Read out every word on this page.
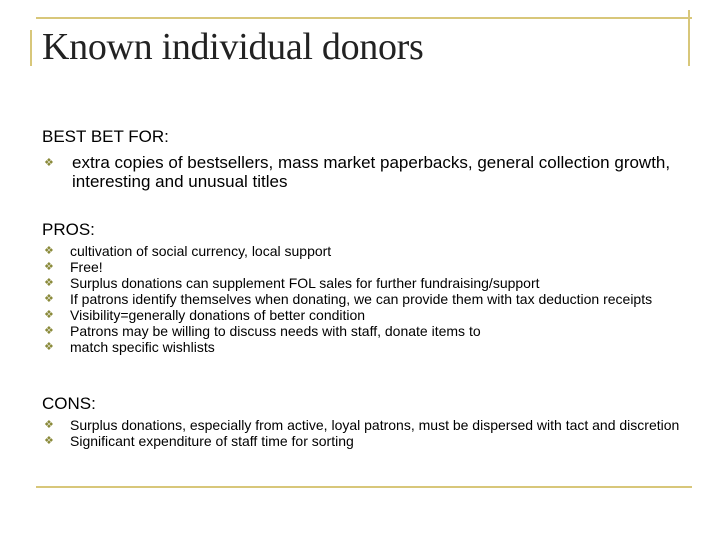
Known individual donors
BEST BET FOR:
❖ extra copies of bestsellers, mass market paperbacks, general collection growth, interesting and unusual titles
PROS:
❖ cultivation of social currency, local support
❖ Free!
❖ Surplus donations can supplement FOL sales for further fundraising/support
❖ If patrons identify themselves when donating, we can provide them with tax deduction receipts
❖ Visibility=generally donations of better condition
❖ Patrons may be willing to discuss needs with staff, donate items to
❖ match specific wishlists
CONS:
❖ Surplus donations, especially from active, loyal patrons, must be dispersed with tact and discretion
❖ Significant expenditure of staff time for sorting
